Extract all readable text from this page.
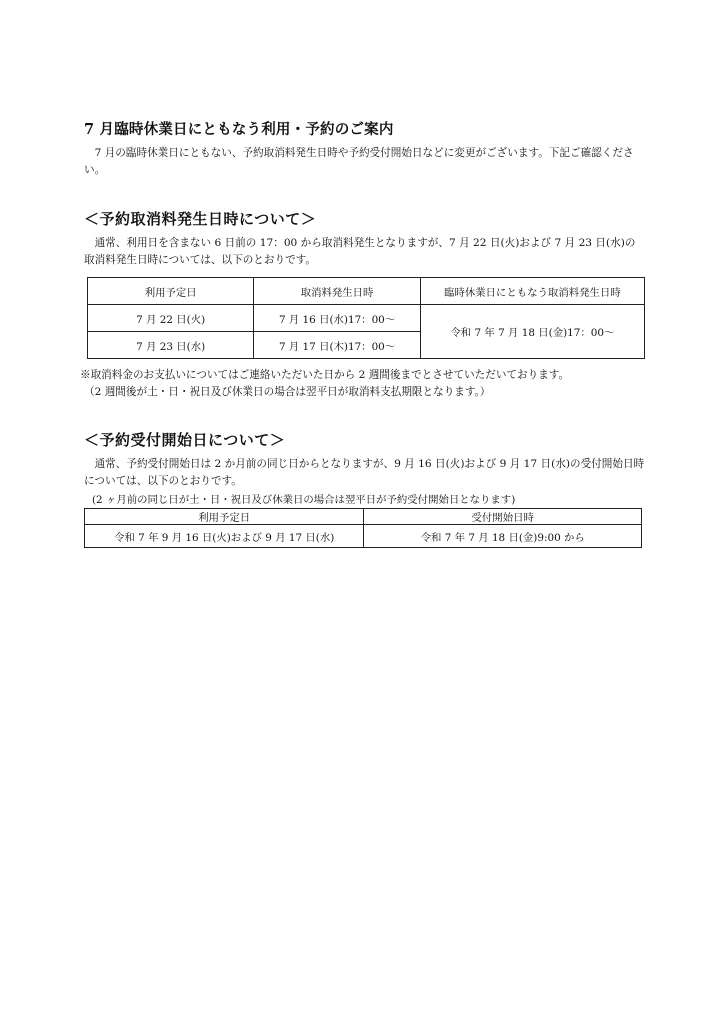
7 月臨時休業日にともなう利用・予約のご案内

7 月の臨時休業日にともない、予約取消料発生日時や予約受付開始日などに変更がございます。下記ご確認ください。

＜予約取消料発生日時について＞

通常、利用日を含まない 6 日前の 17：00 から取消料発生となりますが、7 月 22 日(火)および 7 月 23 日(水)の取消料発生日時については、以下のとおりです。

利用予定日	取消料発生日時	臨時休業日にともなう取消料発生日時
7 月 22 日(火)	7 月 16 日(水)17：00～	令和 7 年 7 月 18 日(金)17：00～
7 月 23 日(水)	7 月 17 日(木)17：00～	
※取消料金のお支払いについてはご連絡いただいた日から 2 週間後までとさせていただいております。
（2 週間後が土・日・祝日及び休業日の場合は翌平日が取消料支払期限となります。）
＜予約受付開始日について＞

通常、予約受付開始日は 2 か月前の同じ日からとなりますが、9 月 16 日(火)および 9 月 17 日(水)の受付開始日時については、以下のとおりです。

(2 ヶ月前の同じ日が土・日・祝日及び休業日の場合は翌平日が予約受付開始日となります)
利用予定日	受付開始日時
令和 7 年 9 月 16 日(火)および 9 月 17 日(水)	令和 7 年 7 月 18 日(金)9:00 から
